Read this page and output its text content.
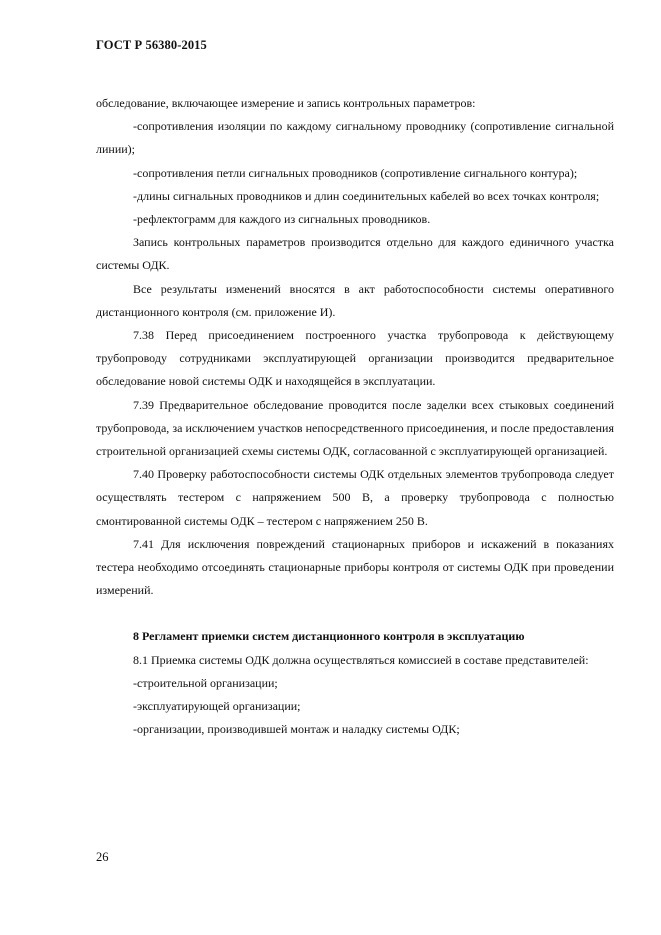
ГОСТ Р 56380-2015

обследование, включающее измерение и запись контрольных параметров:

-сопротивления изоляции по каждому сигнальному проводнику (сопротивление сигнальной линии);

-сопротивления петли сигнальных проводников (сопротивление сигнального контура);

-длины сигнальных проводников и длин соединительных кабелей во всех точках контроля;

-рефлектограмм для каждого из сигнальных проводников.

Запись контрольных параметров производится отдельно для каждого единичного участка системы ОДК.

Все результаты изменений вносятся в акт работоспособности системы оперативного дистанционного контроля (см. приложение И).

7.38 Перед присоединением построенного участка трубопровода к действующему трубопроводу сотрудниками эксплуатирующей организации производится предварительное обследование новой системы ОДК и находящейся в эксплуатации.

7.39 Предварительное обследование проводится после заделки всех стыковых соединений трубопровода, за исключением участков непосредственного присоединения, и после предоставления строительной организацией схемы системы ОДК, согласованной с эксплуатирующей организацией.

7.40 Проверку работоспособности системы ОДК отдельных элементов трубопровода следует осуществлять тестером с напряжением 500 В, а проверку трубопровода с полностью смонтированной системы ОДК – тестером с напряжением 250 В.

7.41 Для исключения повреждений стационарных приборов и искажений в показаниях тестера необходимо отсоединять стационарные приборы контроля от системы ОДК при проведении измерений.

8 Регламент приемки систем дистанционного контроля в эксплуатацию

8.1 Приемка системы ОДК должна осуществляться комиссией в составе представителей:

-строительной организации;

-эксплуатирующей организации;

-организации, производившей монтаж и наладку системы ОДК;

26
